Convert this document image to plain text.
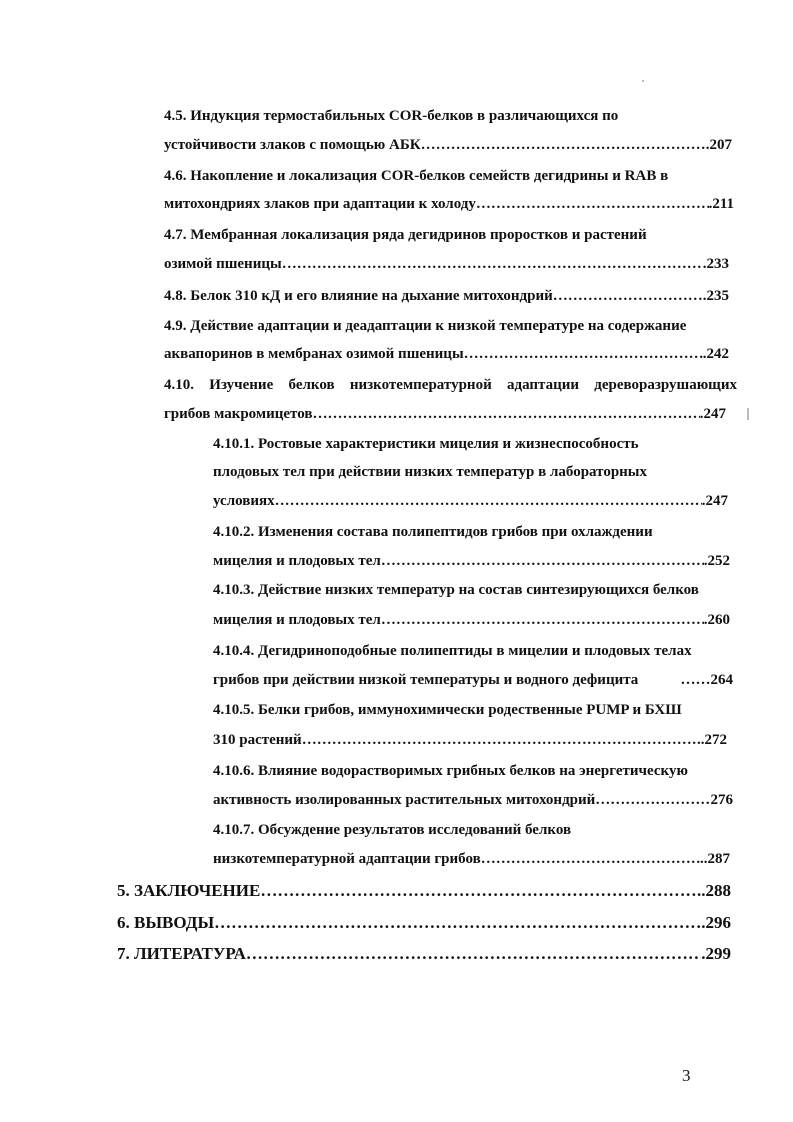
4.5. Индукция термостабильных COR-белков в различающихся по
устойчивости злаков с помощью АБК …………………………………………………………………………………………………………………………………………………………………………………………	.207
4.6. Накопление и локализация COR-белков семейств дегидрины и RAB в
митохондриях злаков при адаптации к холоду …………………………………………………………………………………………………………………………………………………………………………………………	.211
4.7. Мембранная локализация ряда дегидринов проростков и растений
озимой пшеницы …………………………………………………………………………………………………………………………………………………………………………………………	.233
4.8. Белок 310 кД и его влияние на дыхание митохондрий …………………………………………………………………………………………………………………………………………………………………………………………	.235
4.9. Действие адаптации и деадаптации к низкой температуре на содержание
аквапоринов в мембранах озимой пшеницы …………………………………………………………………………………………………………………………………………………………………………………………	.242
4.10. Изучение белков низкотемпературной адаптации дереворазрушающих
грибов макромицетов …………………………………………………………………………………………………………………………………………………………………………………………	.247
4.10.1. Ростовые характеристики мицелия и жизнеспособность
плодовых тел при действии низких температур в лабораторных
условиях …………………………………………………………………………………………………………………………………………………………………………………………	.247
4.10.2. Изменения состава полипептидов грибов при охлаждении
мицелия и плодовых тел …………………………………………………………………………………………………………………………………………………………………………………………	.252
4.10.3. Действие низких температур на состав синтезирующихся белков
мицелия и плодовых тел …………………………………………………………………………………………………………………………………………………………………………………………	.260
4.10.4. Дегидриноподобные полипептиды в мицелии и плодовых телах
грибов при действии низкой температуры и водного дефицита	……264
4.10.5. Белки грибов, иммунохимически родественные PUMP и БХШ
310 растений …………………………………………………………………………………………………………………………………………………………………………………………	..272
4.10.6. Влияние водорастворимых грибных белков на энергетическую
активность изолированных растительных митохондрий …………………………………………………………………………………………………………………………………………………………………………………………	276
4.10.7. Обсуждение результатов исследований белков
низкотемпературной адаптации грибов …………………………………………………………………………………………………………………………………………………………………………………………	..287
5. ЗАКЛЮЧЕНИЕ …………………………………………………………………………………………………………………………………………………………………………………………	..288
6. ВЫВОДЫ …………………………………………………………………………………………………………………………………………………………………………………………	.296
7. ЛИТЕРАТУРА …………………………………………………………………………………………………………………………………………………………………………………………	.299
3
